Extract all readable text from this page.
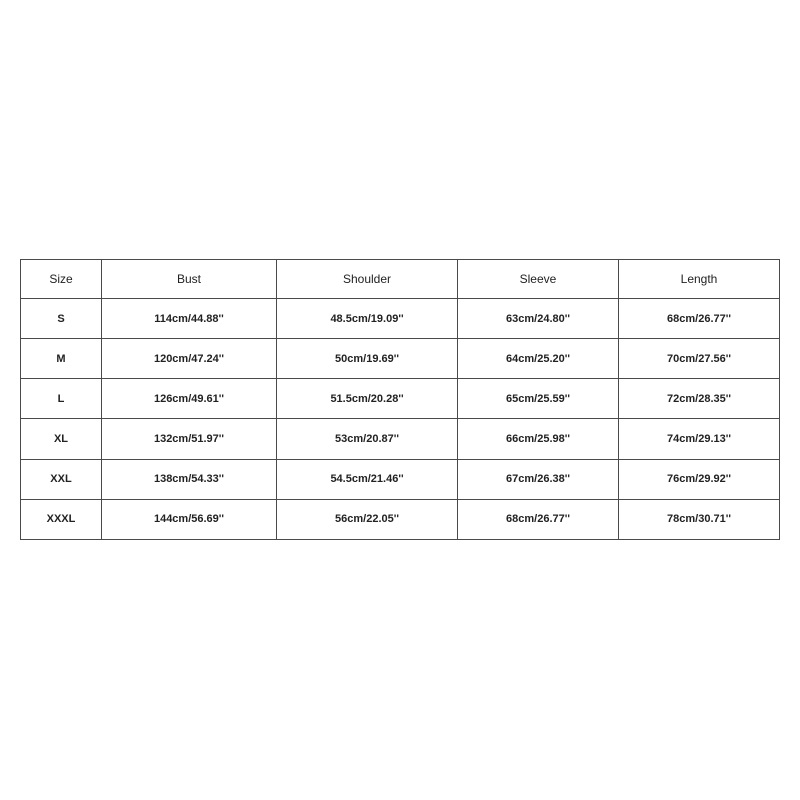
Size	Bust	Shoulder	Sleeve	Length
S	114cm/44.88''	48.5cm/19.09''	63cm/24.80''	68cm/26.77''
M	120cm/47.24''	50cm/19.69''	64cm/25.20''	70cm/27.56''
L	126cm/49.61''	51.5cm/20.28''	65cm/25.59''	72cm/28.35''
XL	132cm/51.97''	53cm/20.87''	66cm/25.98''	74cm/29.13''
XXL	138cm/54.33''	54.5cm/21.46''	67cm/26.38''	76cm/29.92''
XXXL	144cm/56.69''	56cm/22.05''	68cm/26.77''	78cm/30.71''
